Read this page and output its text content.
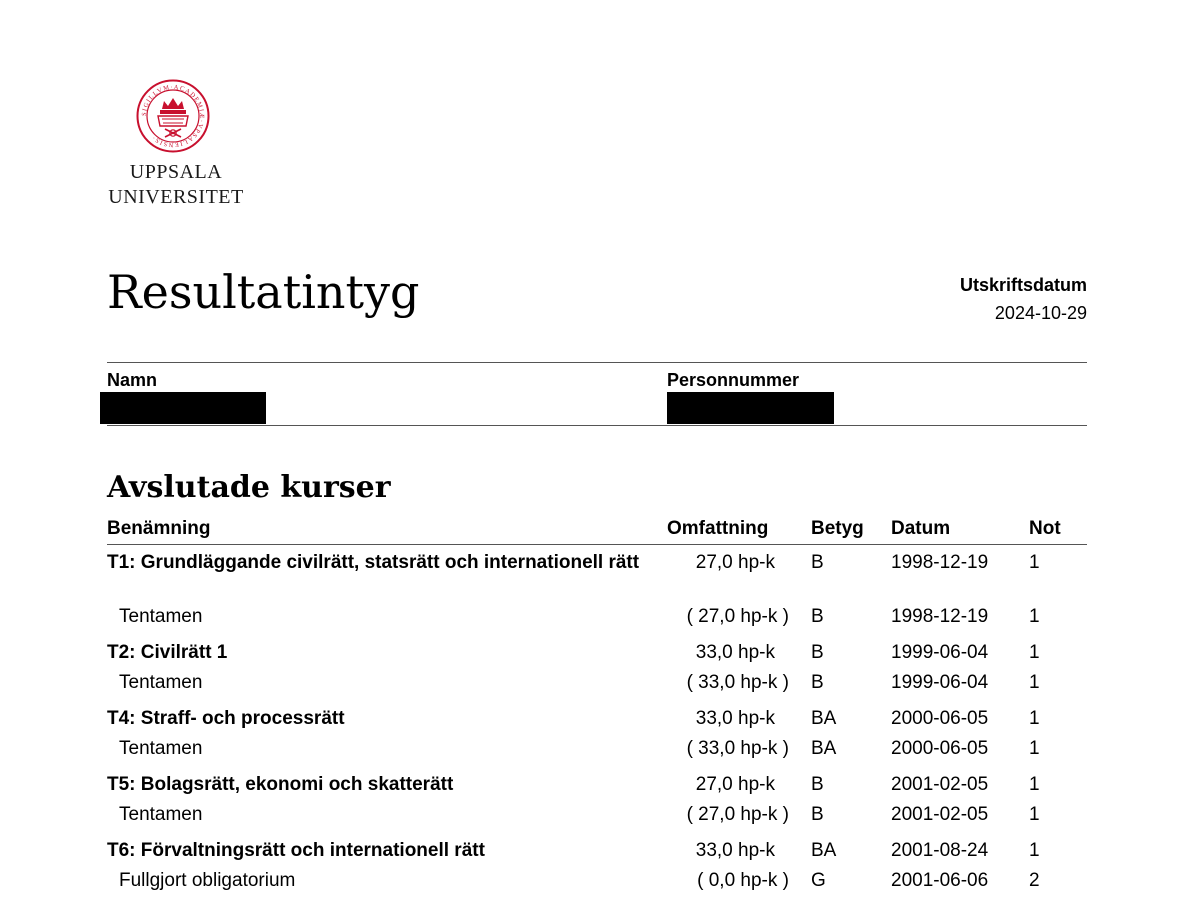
SIGILLVM·ACADEMIÆ·VPSALIENSIS·
UPPSALA
UNIVERSITET
Resultatintyg	Utskriftsdatum
2024-10-29
Namn	Personnummer
Avslutade kurser
Benämning	Omfattning Betyg Datum	Not
T1: Grundläggande civilrätt, statsrätt och internationell rätt	27,0 hp-k B	1998-12-19 1
Tentamen	( 27,0 hp-k ) B	1998-12-19 1
T2: Civilrätt 1	33,0 hp-k B	1999-06-04 1
Tentamen	( 33,0 hp-k ) B	1999-06-04 1
T4: Straff- och processrätt	33,0 hp-k BA	2000-06-05 1
Tentamen	( 33,0 hp-k ) BA	2000-06-05 1
T5: Bolagsrätt, ekonomi och skatterätt	27,0 hp-k B	2001-02-05 1
Tentamen	( 27,0 hp-k ) B	2001-02-05 1
T6: Förvaltningsrätt och internationell rätt	33,0 hp-k BA	2001-08-24 1
Fullgjort obligatorium	( 0,0 hp-k ) G	2001-06-06 2
